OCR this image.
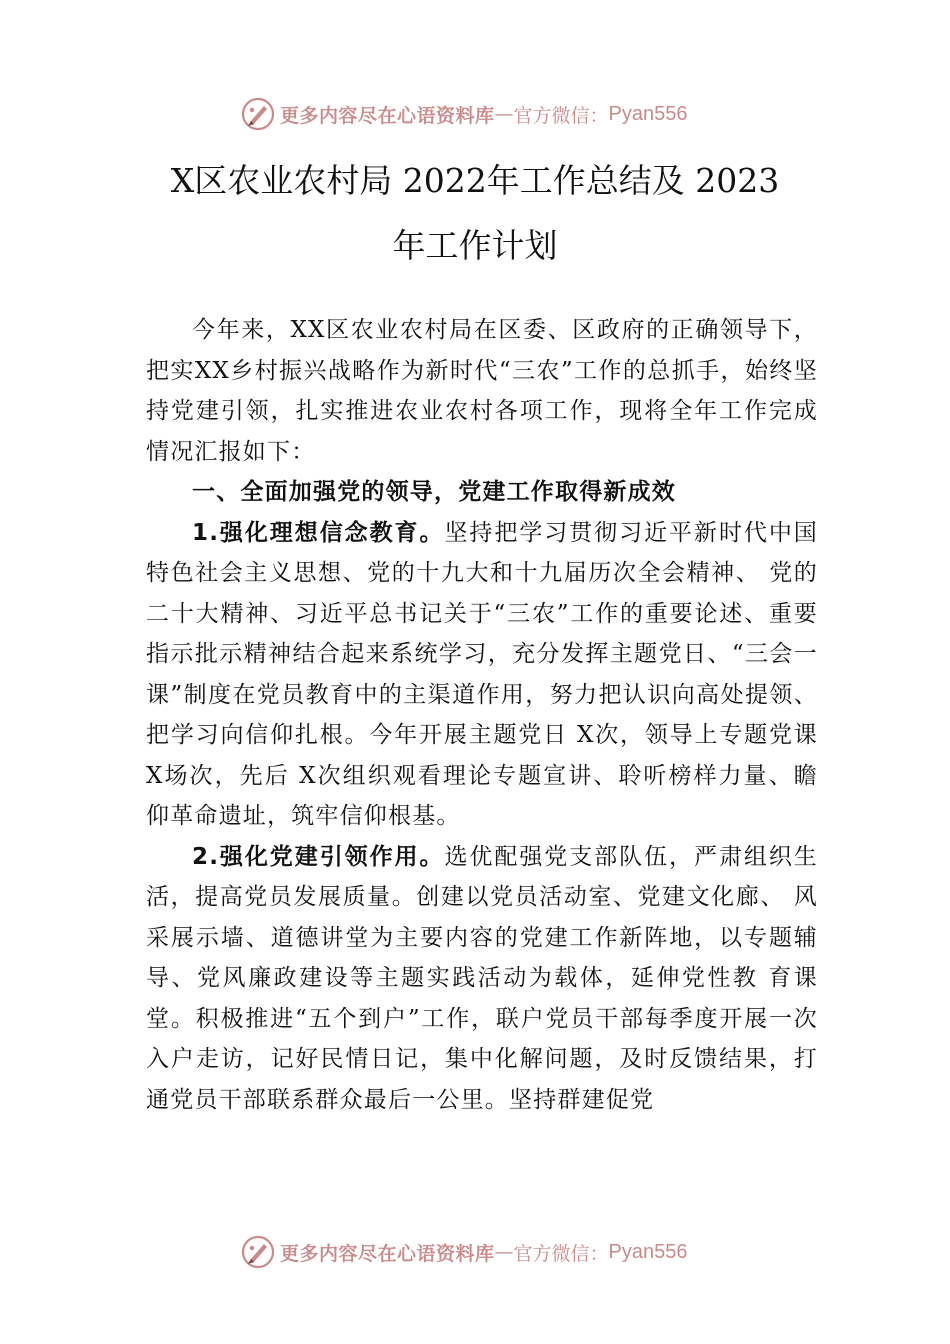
更多内容尽在心语资料库 — 官方微信： Pyan556
X区农业农村局 2022年工作总结及 2023
年工作计划

今年来，XX区农业农村局在区委、区政府的正确领导下，把实XX乡村振兴战略作为新时代“三农”工作的总抓手，始终坚持党建引领，扎实推进农业农村各项工作，现将全年工作完成情况汇报如下：

一、全面加强党的领导，党建工作取得新成效

1.强化理想信念教育。坚持把学习贯彻习近平新时代中国特色社会主义思想、党的十九大和十九届历次全会精神、 党的二十大精神、习近平总书记关于“三农”工作的重要论述、重要指示批示精神结合起来系统学习，充分发挥主题党日、“三会一课”制度在党员教育中的主渠道作用，努力把认识向高处提领、把学习向信仰扎根。今年开展主题党日 X次，领导上专题党课 X场次，先后 X次组织观看理论专题宣讲、聆听榜样力量、瞻仰革命遗址，筑牢信仰根基。

2.强化党建引领作用。选优配强党支部队伍，严肃组织生活，提高党员发展质量。创建以党员活动室、党建文化廊、 风采展示墙、道德讲堂为主要内容的党建工作新阵地，以专题辅导、党风廉政建设等主题实践活动为载体，延伸党性教 育课堂。积极推进“五个到户”工作，联户党员干部每季度开展一次入户走访，记好民情日记，集中化解问题，及时反馈结果，打通党员干部联系群众最后一公里。坚持群建促党

更多内容尽在心语资料库 — 官方微信： Pyan556
